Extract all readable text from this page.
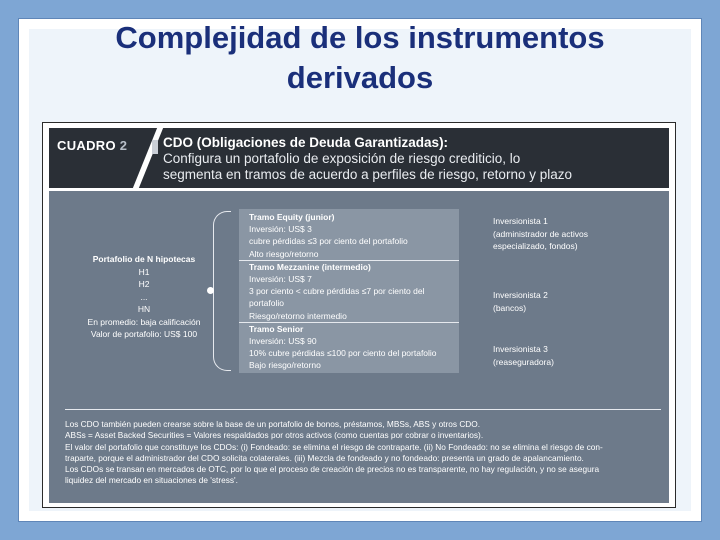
Complejidad de los instrumentos
derivados
CUADRO 2	CDO (Obligaciones de Deuda Garantizadas):
Configura un portafolio de exposición de riesgo crediticio, lo
segmenta en tramos de acuerdo a perfiles de riesgo, retorno y plazo
Portafolio de N hipotecas
H1
H2
...
HN
En promedio: baja calificación
Valor de portafolio: US$ 100
Tramo Equity (junior)
Inversión: US$ 3
cubre pérdidas ≤3 por ciento del portafolio
Alto riesgo/retorno
Tramo Mezzanine (intermedio)
Inversión: US$ 7
3 por ciento < cubre pérdidas ≤7 por ciento del
portafolio
Riesgo/retorno intermedio
Tramo Senior
Inversión: US$ 90
10% cubre pérdidas ≤100 por ciento del portafolio
Bajo riesgo/retorno
Inversionista 1
(administrador de activos
especializado, fondos)
Inversionista 2
(bancos)
Inversionista 3
(reaseguradora)
Los CDO también pueden crearse sobre la base de un portafolio de bonos, préstamos, MBSs, ABS y otros CDO.
ABSs = Asset Backed Securities = Valores respaldados por otros activos (como cuentas por cobrar o inventarios).
El valor del portafolio que constituye los CDOs: (i) Fondeado: se elimina el riesgo de contraparte. (ii) No Fondeado: no se elimina el riesgo de con-
traparte, porque el administrador del CDO solicita colaterales. (iii) Mezcla de fondeado y no fondeado: presenta un grado de apalancamiento.
Los CDOs se transan en mercados de OTC, por lo que el proceso de creación de precios no es transparente, no hay regulación, y no se asegura
liquidez del mercado en situaciones de 'stress'.
